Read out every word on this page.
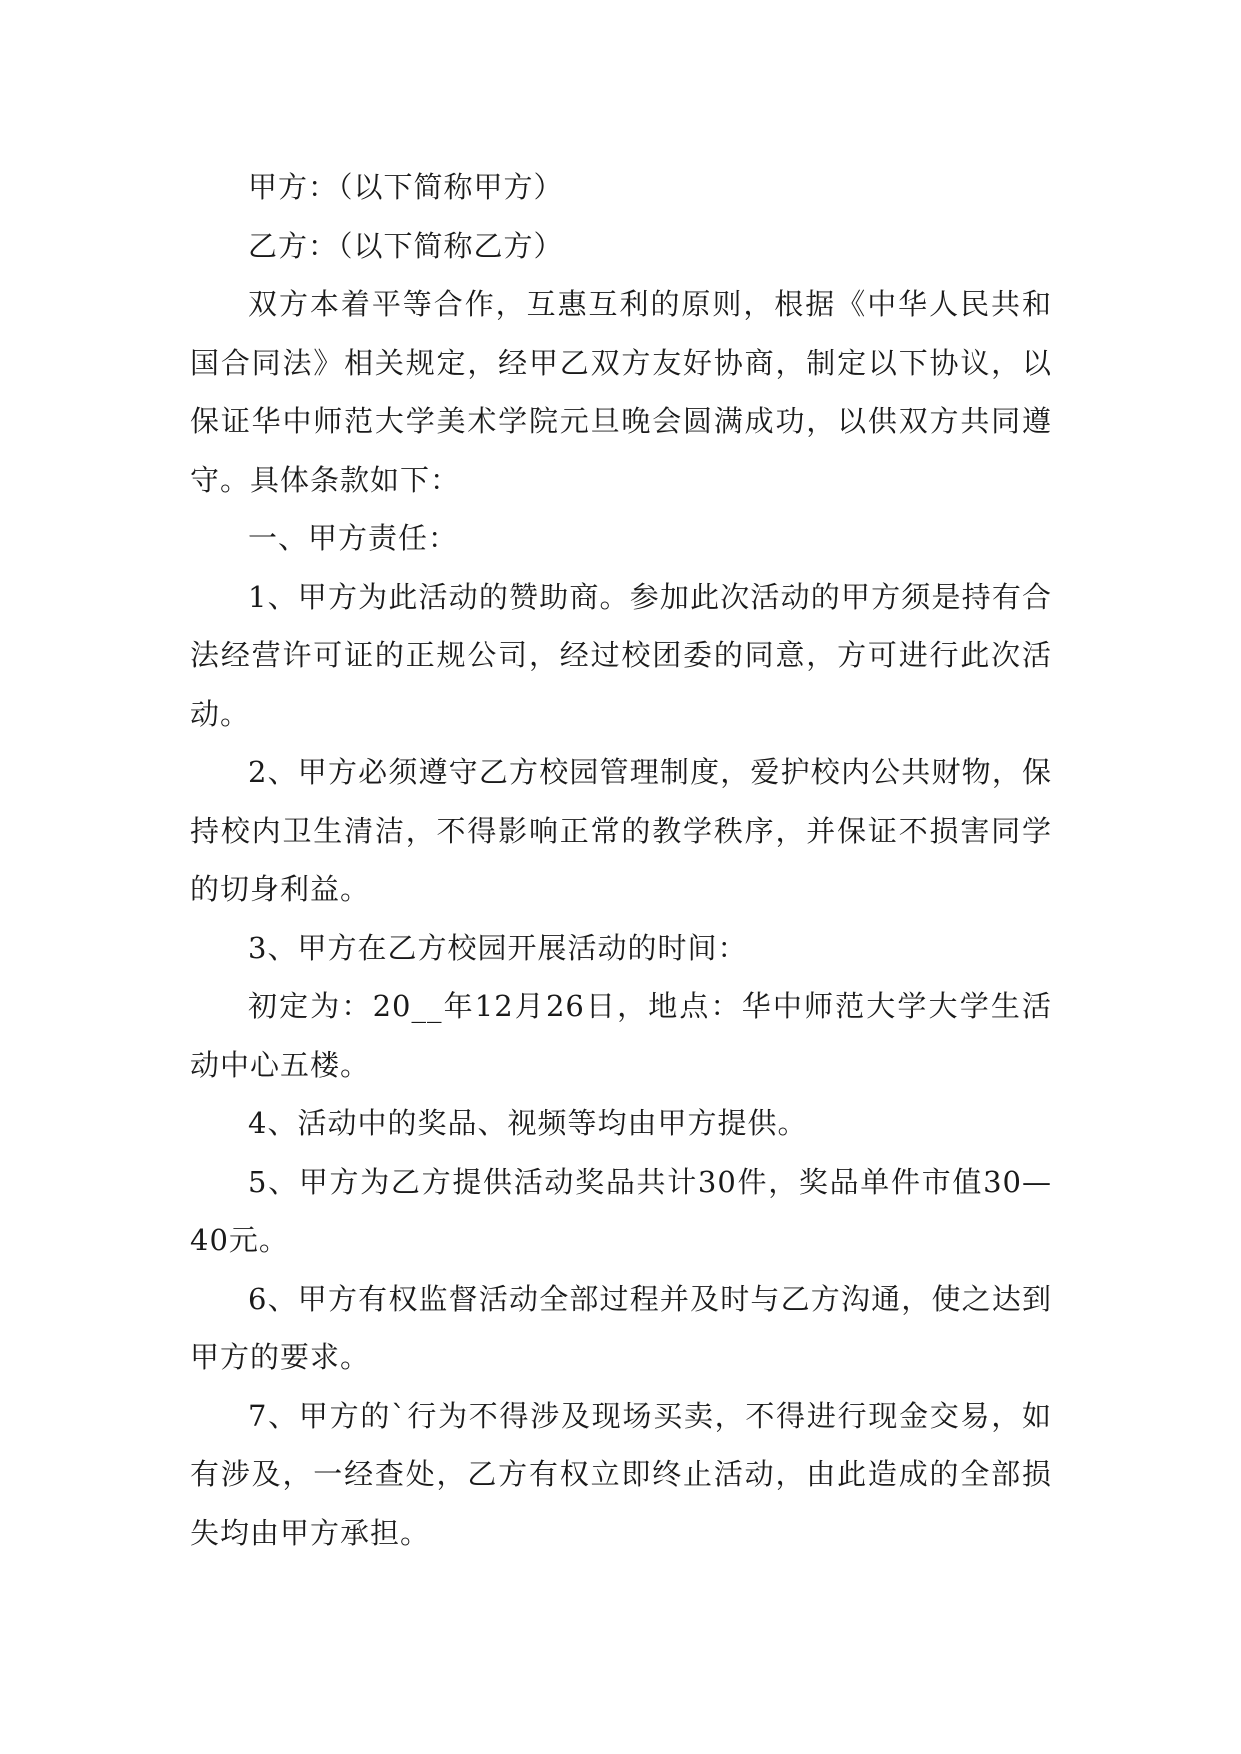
甲方：（以下简称甲方）

乙方：（以下简称乙方）

双方本着平等合作，互惠互利的原则，根据《中华人民共和国合同法》相关规定，经甲乙双方友好协商，制定以下协议，以保证华中师范大学美术学院元旦晚会圆满成功，以供双方共同遵守。具体条款如下：

一、甲方责任：

1、甲方为此活动的赞助商。参加此次活动的甲方须是持有合法经营许可证的正规公司，经过校团委的同意，方可进行此次活动。

2、甲方必须遵守乙方校园管理制度，爱护校内公共财物，保持校内卫生清洁，不得影响正常的教学秩序，并保证不损害同学的切身利益。

3、甲方在乙方校园开展活动的时间：

初定为：20__年12月26日，地点：华中师范大学大学生活动中心五楼。

4、活动中的奖品、视频等均由甲方提供。

5、甲方为乙方提供活动奖品共计30件，奖品单件市值30—40元。

6、甲方有权监督活动全部过程并及时与乙方沟通，使之达到甲方的要求。

7、甲方的`行为不得涉及现场买卖，不得进行现金交易，如有涉及，一经查处，乙方有权立即终止活动，由此造成的全部损失均由甲方承担。
